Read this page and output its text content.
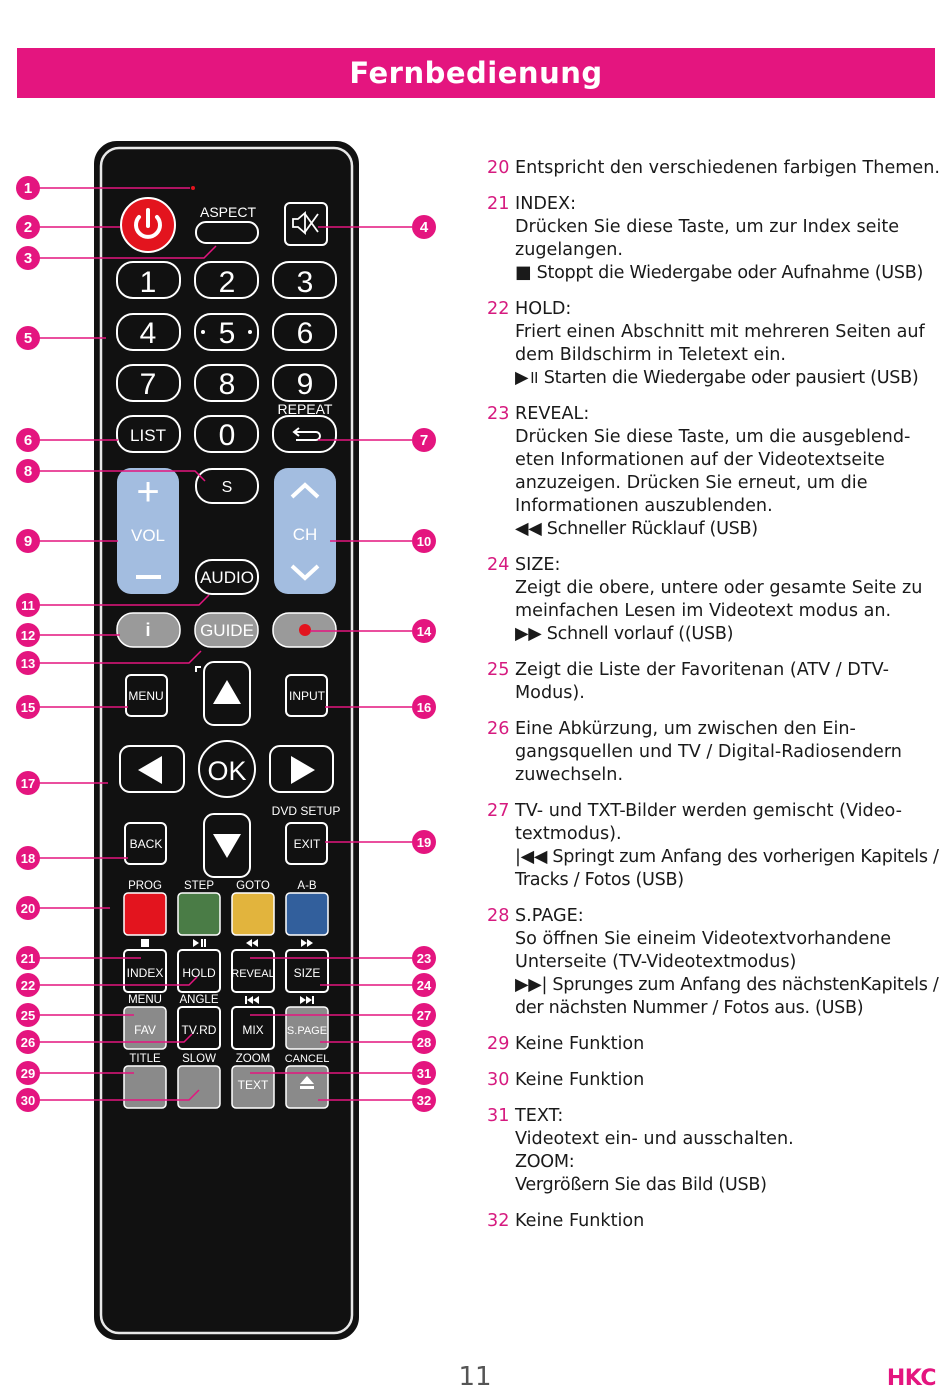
Fernbedienung
ASPECT
1 2 3
4 5 6
7 8 9
0
LIST
REPEAT
+
VOL
S
AUDIO
CH
i	GUIDE
MENU	INPUT
OK
BACK
DVD SETUP
EXIT
PROG STEP GOTO A-B
INDEX HOLD REVEAL SIZE
MENU ANGLE
FAV TV.RD MIX S.PAGE
TITLE SLOW ZOOM CANCEL
TEXT
1
2
3
4
5
6	7
8
9	10
11
12
13
14
15	16
17
18
19
20
21
22
23
24
25
26
27
28
29
30
31
32
20 Entspricht den verschiedenen farbigen Themen.
21 INDEX:
Drücken Sie diese Taste, um zur Index seite zugelangen.
■ Stoppt die Wiedergabe oder Aufnahme (USB)
22 HOLD:
Friert einen Abschnitt mit mehreren Seiten auf dem Bildschirm in Teletext ein.
▶॥ Starten die Wiedergabe oder pausiert (USB)
23 REVEAL:
Drücken Sie diese Taste, um die ausgeblend-eten Informationen auf der Videotextseite anzuzeigen. Drücken Sie erneut, um die Informationen auszublenden.
◀◀ Schneller Rücklauf (USB)
24 SIZE:
Zeigt die obere, untere oder gesamte Seite zu meinfachen Lesen im Videotext modus an.
▶▶ Schnell vorlauf ((USB)
25 Zeigt die Liste der Favoritenan (ATV / DTV-Modus).
26 Eine Abkürzung, um zwischen den Ein-gangsquellen und TV / Digital-Radiosendern zuwechseln.
27 TV- und TXT-Bilder werden gemischt (Video-textmodus).
|◀◀ Springt zum Anfang des vorherigen Kapitels / Tracks / Fotos (USB)
28 S.PAGE:
So öffnen Sie eineim Videotextvorhandene Unterseite (TV-Videotextmodus)
▶▶| Sprunges zum Anfang des nächstenKapitels / der nächsten Nummer / Fotos aus. (USB)
29 Keine Funktion
30 Keine Funktion
31 TEXT:
Videotext ein- und ausschalten.
ZOOM:
Vergrößern Sie das Bild (USB)
32 Keine Funktion
11	HKC
